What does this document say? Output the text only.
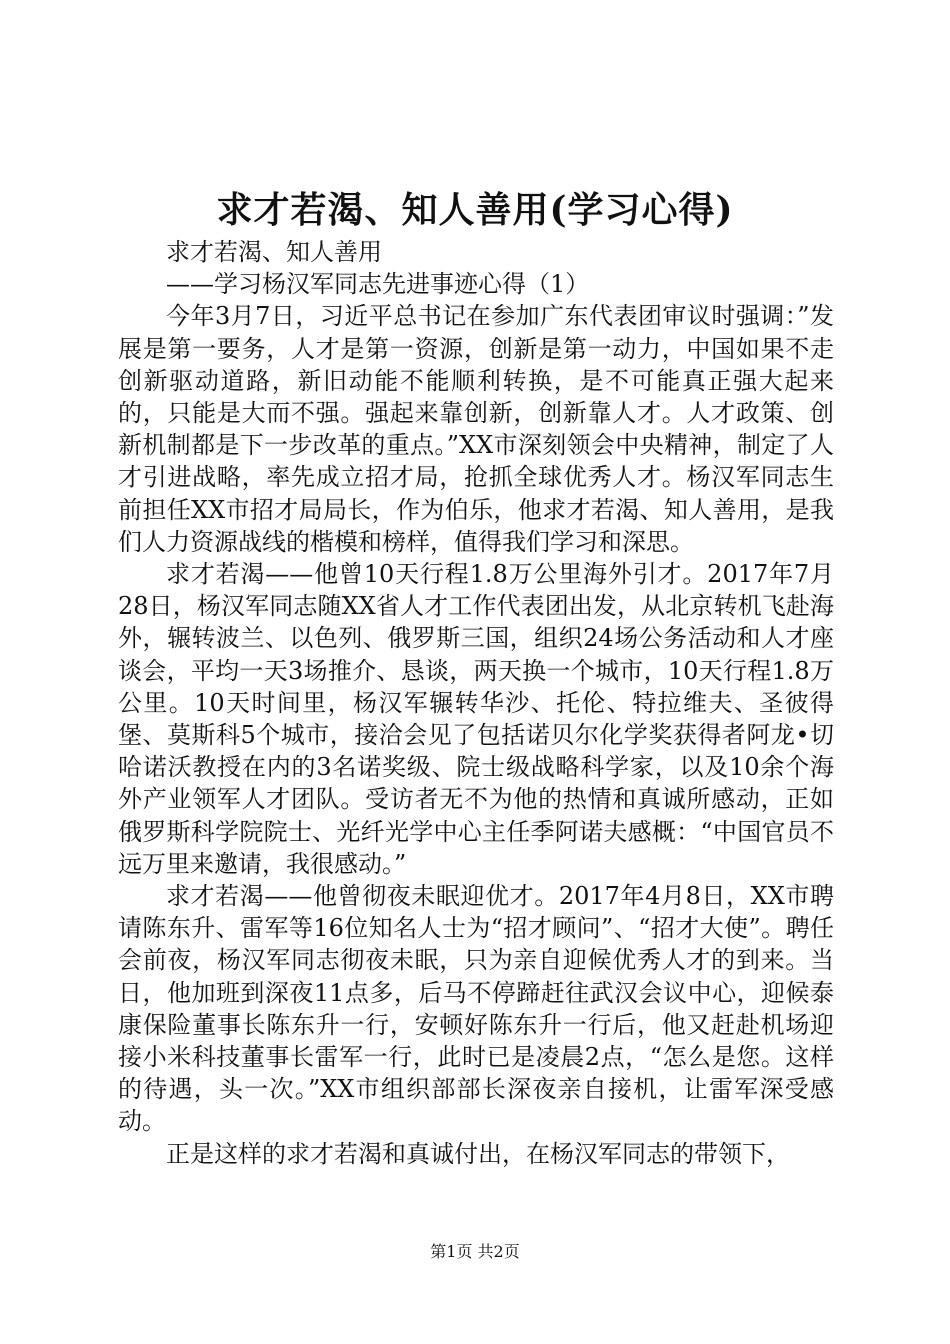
求才若渴、知人善用(学习心得)

求才若渴、知人善用

——学习杨汉军同志先进事迹心得（1）

今年3月7日，习近平总书记在参加广东代表团审议时强调：”发展是第一要务，人才是第一资源，创新是第一动力，中国如果不走创新驱动道路，新旧动能不能顺利转换，是不可能真正强大起来的，只能是大而不强。强起来靠创新，创新靠人才。人才政策、创新机制都是下一步改革的重点。”XX市深刻领会中央精神，制定了人才引进战略，率先成立招才局，抢抓全球优秀人才。杨汉军同志生前担任XX市招才局局长，作为伯乐，他求才若渴、知人善用，是我们人力资源战线的楷模和榜样，值得我们学习和深思。

求才若渴——他曾10天行程1.8万公里海外引才。2017年7月28日，杨汉军同志随XX省人才工作代表团出发，从北京转机飞赴海外，辗转波兰、以色列、俄罗斯三国，组织24场公务活动和人才座谈会，平均一天3场推介、恳谈，两天换一个城市，10天行程1.8万公里。10天时间里，杨汉军辗转华沙、托伦、特拉维夫、圣彼得堡、莫斯科5个城市，接洽会见了包括诺贝尔化学奖获得者阿龙•切哈诺沃教授在内的3名诺奖级、院士级战略科学家，以及10余个海外产业领军人才团队。受访者无不为他的热情和真诚所感动，正如俄罗斯科学院院士、光纤光学中心主任季阿诺夫感概：“中国官员不远万里来邀请，我很感动。”

求才若渴——他曾彻夜未眠迎优才。2017年4月8日，XX市聘请陈东升、雷军等16位知名人士为“招才顾问”、“招才大使”。聘任会前夜，杨汉军同志彻夜未眠，只为亲自迎候优秀人才的到来。当日，他加班到深夜11点多，后马不停蹄赶往武汉会议中心，迎候泰康保险董事长陈东升一行，安顿好陈东升一行后，他又赶赴机场迎接小米科技董事长雷军一行，此时已是凌晨2点，“怎么是您。这样的待遇，头一次。”XX市组织部部长深夜亲自接机，让雷军深受感动。

正是这样的求才若渴和真诚付出，在杨汉军同志的带领下，

第1页 共2页
